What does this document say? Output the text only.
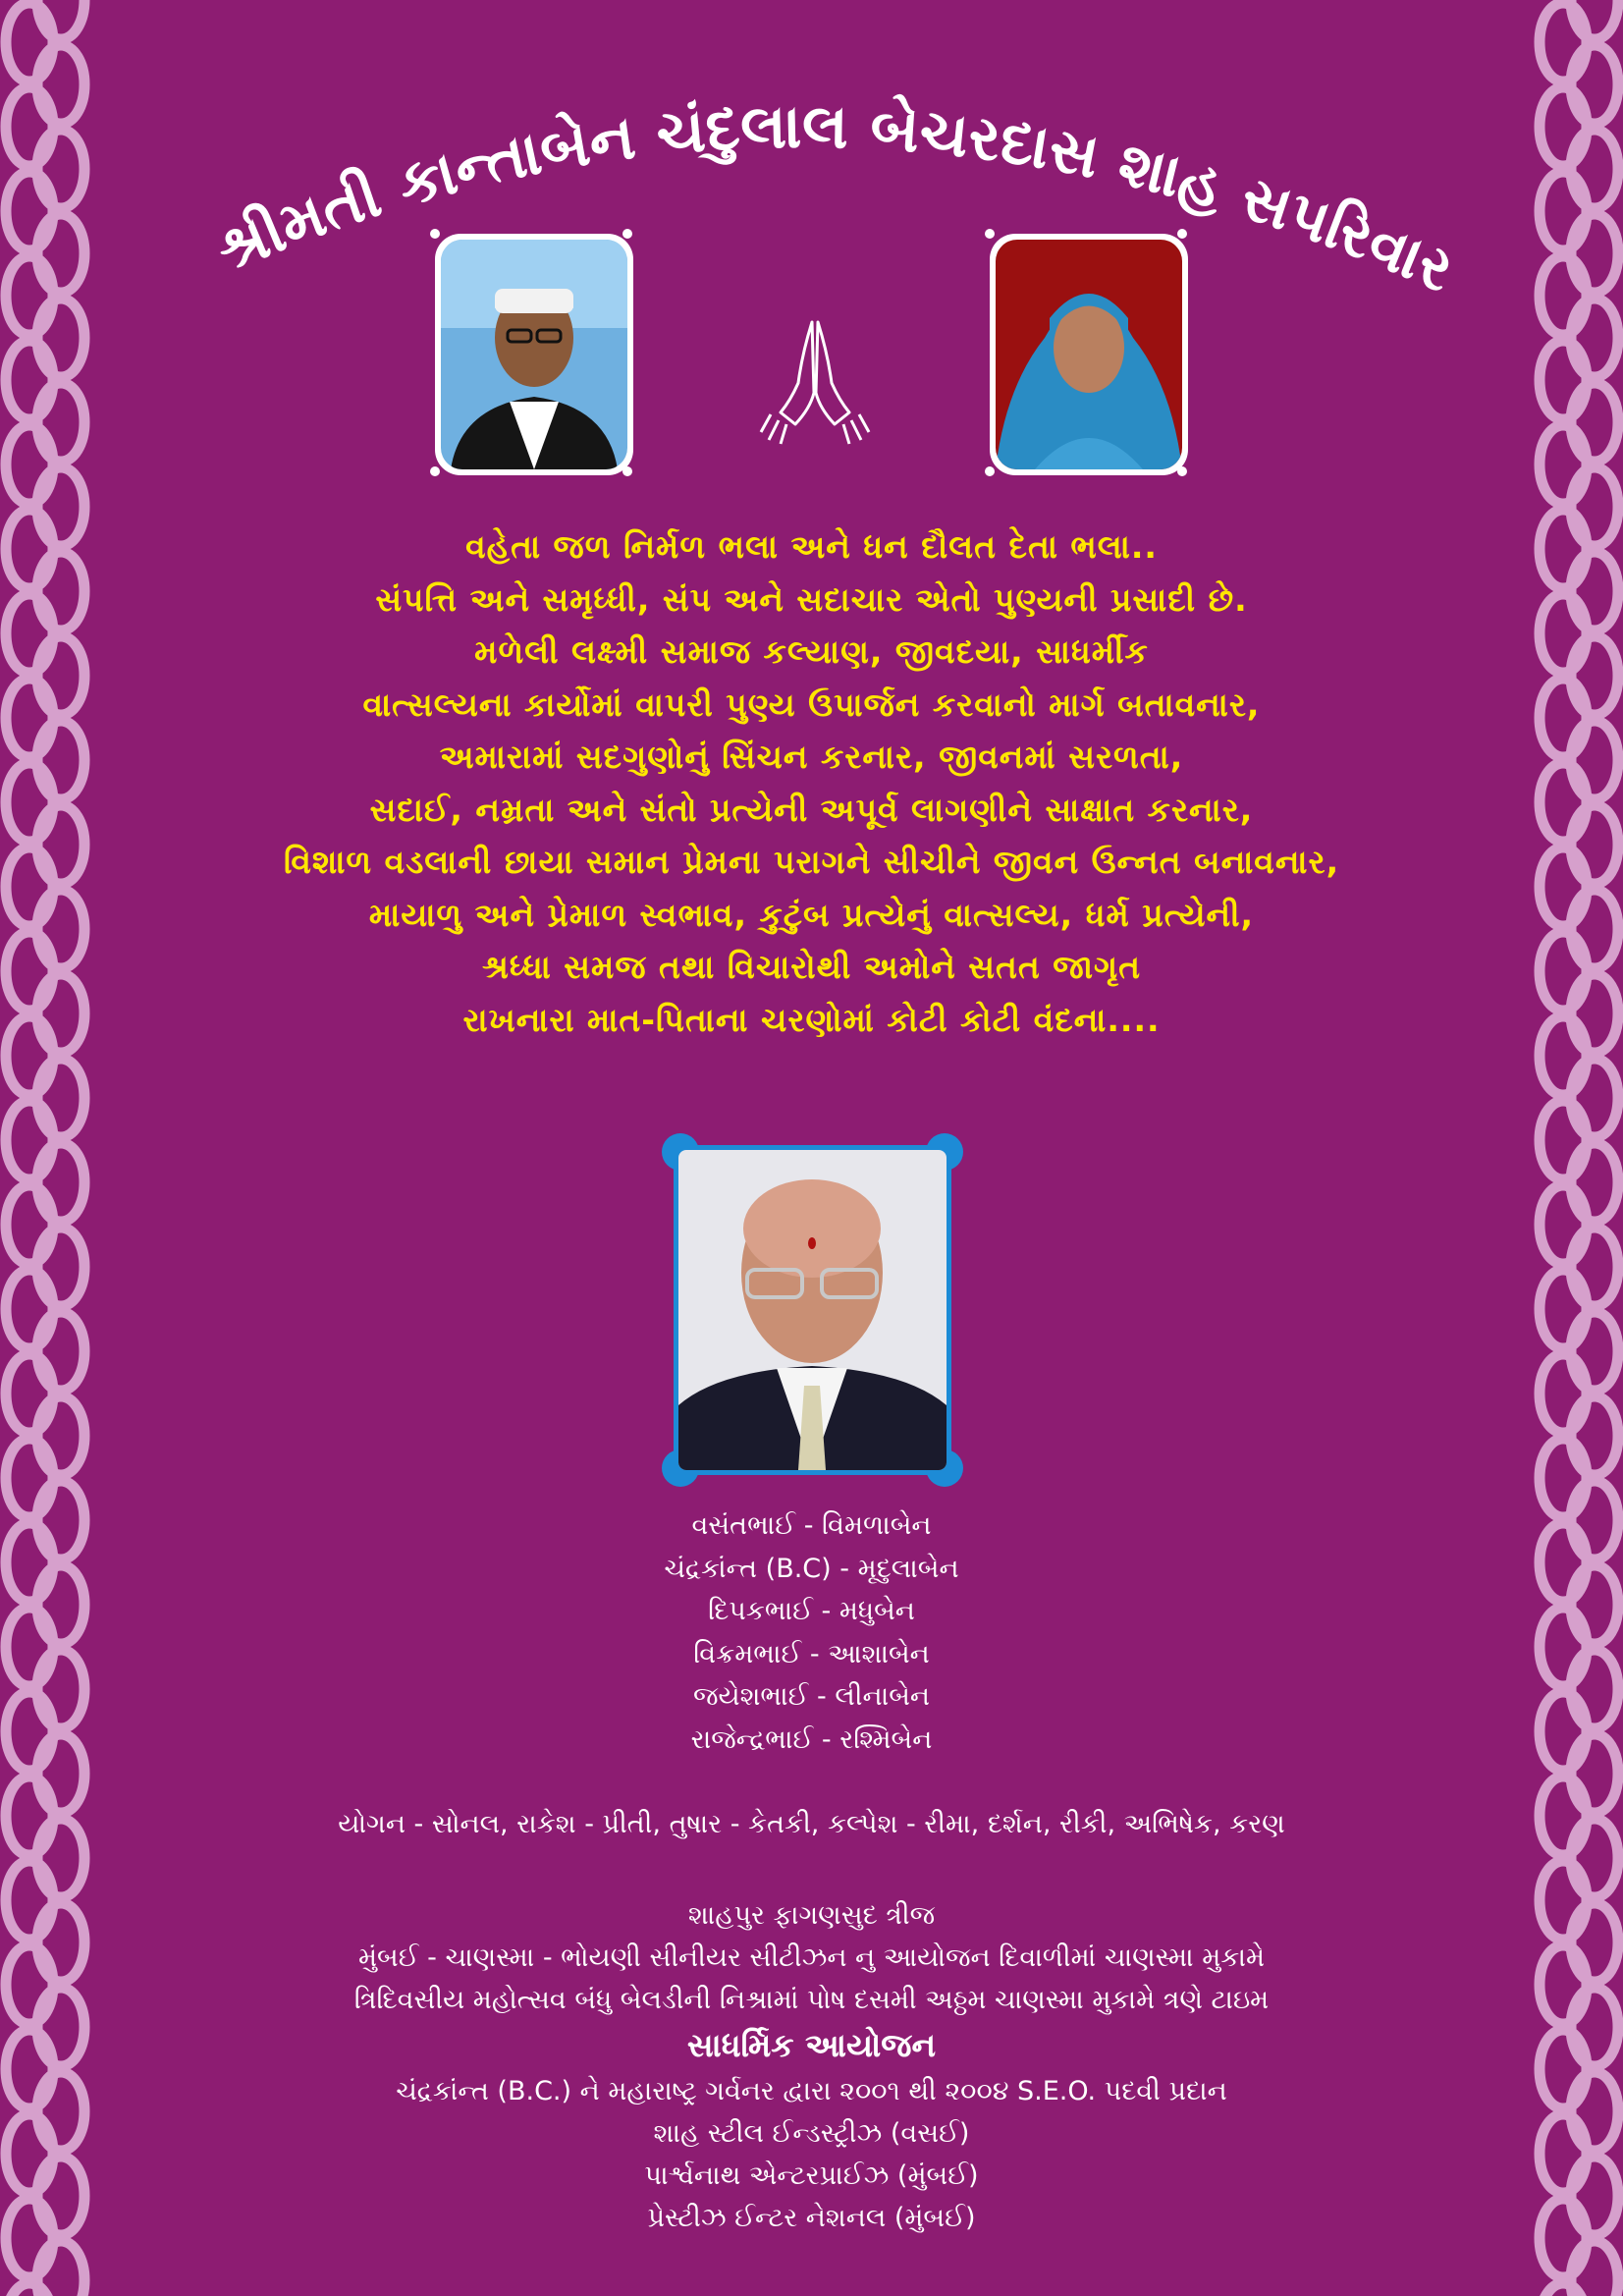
શ્રીમતી કાન્તાબેન ચંદુલાલ બેચરદાસ શાહ સપરિવાર
વહેતા જળ નિર્મળ ભલા અને ધન દૌલત દેતા ભલા..
સંપત્તિ અને સમૃધ્ધી, સંપ અને સદાચાર એતો પુણ્યની પ્રસાદી છે.
મળેલી લક્ષ્મી સમાજ કલ્યાણ, જીવદયા, સાધર્મીક
વાત્સલ્યના કાર્યોમાં વાપરી પુણ્ય ઉપાર્જન કરવાનો માર્ગ બતાવનાર,
અમારામાં સદગુણોનું સિંચન કરનાર, જીવનમાં સરળતા,
સદાઈ, નમ્રતા અને સંતો પ્રત્યેની અપૂર્વ લાગણીને સાક્ષાત કરનાર,
વિશાળ વડલાની છાયા સમાન પ્રેમના પરાગને સીચીને જીવન ઉન્નત બનાવનાર,
માયાળુ અને પ્રેમાળ સ્વભાવ, કુટુંબ પ્રત્યેનું વાત્સલ્ય, ધર્મ પ્રત્યેની,
શ્રધ્ધા સમજ તથા વિચારોથી અમોને સતત જાગૃત
રાખનારા માત-પિતાના ચરણોમાં કોટી કોટી વંદના....
વસંતભાઈ - વિમળાબેન
ચંદ્રકાંન્ત (B.C) - મૃદુલાબેન
દિપકભાઈ - મધુબેન
વિક્રમભાઈ - આશાબેન
જયેશભાઈ - લીનાબેન
રાજેન્દ્રભાઈ - રશ્મિબેન
યોગન - સોનલ, રાકેશ - પ્રીતી, તુષાર - કેતકી, કલ્પેશ - રીમા, દર્શન, રીકી, અભિષેક, કરણ
શાહપુર ફાગણસુદ ત્રીજ
મુંબઈ - ચાણસ્મા - ભોયણી સીનીયર સીટીઝન નુ આયોજન દિવાળીમાં ચાણસ્મા મુકામે
ત્રિદિવસીય મહોત્સવ બંધુ બેલડીની નિશ્રામાં પોષ દસમી અઠ્ઠમ ચાણસ્મા મુકામે ત્રણે ટાઇમ
સાધર્મિક આયોજન
ચંદ્રકાંન્ત (B.C.) ને મહારાષ્ટ્ર ગર્વનર દ્વારા ૨૦૦૧ થી ૨૦૦૪ S.E.O. પદવી પ્રદાન
શાહ સ્ટીલ ઈન્ડસ્ટ્રીઝ (વસઈ)
પાર્શ્વનાથ એન્ટરપ્રાઈઝ (મુંબઈ)
પ્રેસ્ટીઝ ઈન્ટર નેશનલ (મુંબઈ)
